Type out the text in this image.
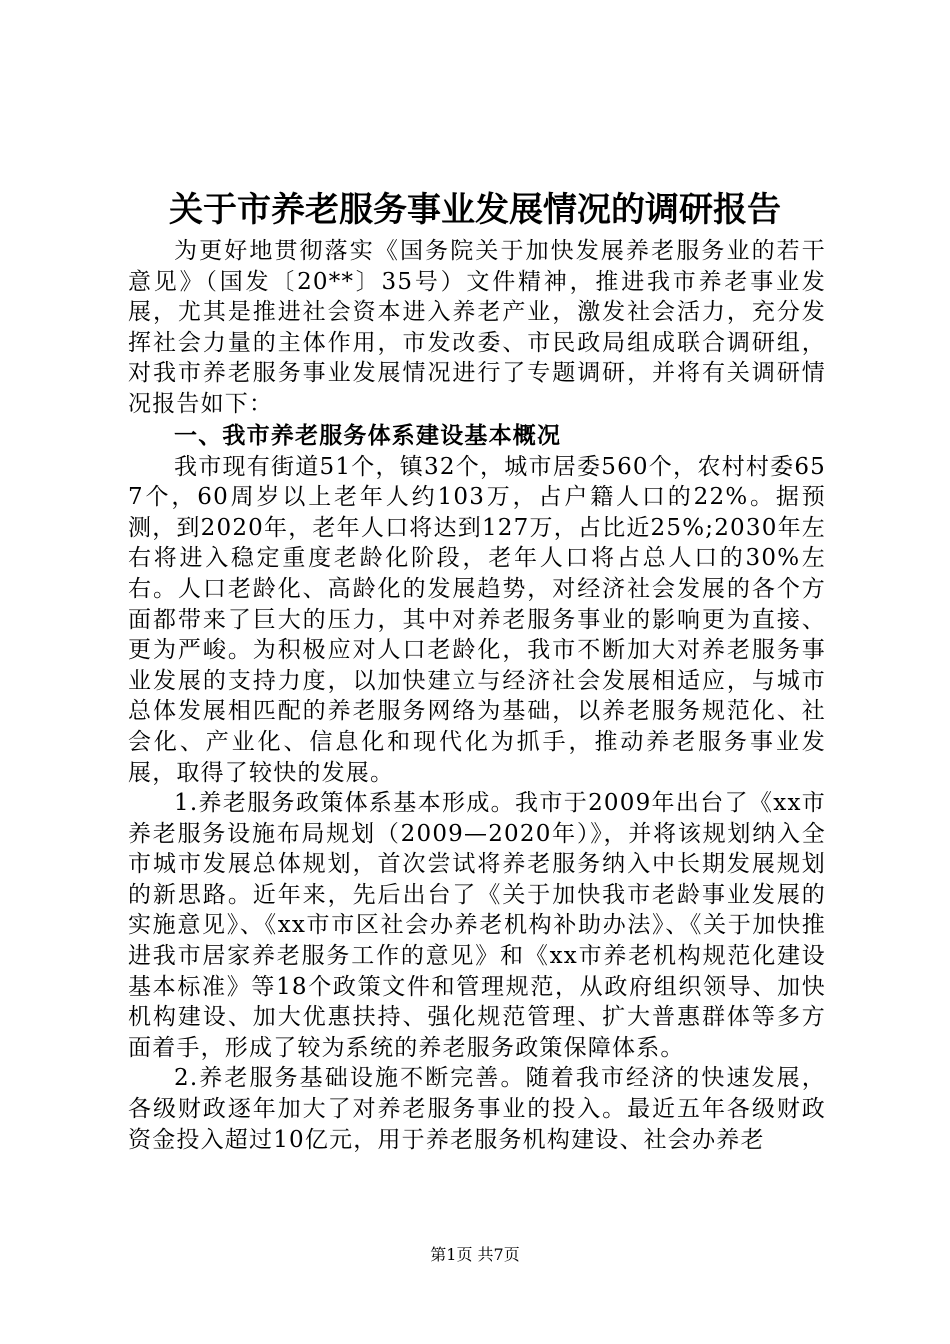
关于市养老服务事业发展情况的调研报告

为更好地贯彻落实《国务院关于加快发展养老服务业的若干意见》（国发〔20**〕35号）文件精神，推进我市养老事业发展，尤其是推进社会资本进入养老产业，激发社会活力，充分发挥社会力量的主体作用，市发改委、市民政局组成联合调研组，对我市养老服务事业发展情况进行了专题调研，并将有关调研情况报告如下：

一、我市养老服务体系建设基本概况

我市现有街道51个，镇32个，城市居委560个，农村村委657个，60周岁以上老年人约103万，占户籍人口的22%。据预测，到2020年，老年人口将达到127万，占比近25%;2030年左右将进入稳定重度老龄化阶段，老年人口将占总人口的30%左右。人口老龄化、高龄化的发展趋势，对经济社会发展的各个方面都带来了巨大的压力，其中对养老服务事业的影响更为直接、更为严峻。为积极应对人口老龄化，我市不断加大对养老服务事业发展的支持力度，以加快建立与经济社会发展相适应，与城市总体发展相匹配的养老服务网络为基础，以养老服务规范化、社会化、产业化、信息化和现代化为抓手，推动养老服务事业发展，取得了较快的发展。

1.养老服务政策体系基本形成。我市于2009年出台了《xx市养老服务设施布局规划（2009—2020年）》，并将该规划纳入全市城市发展总体规划，首次尝试将养老服务纳入中长期发展规划的新思路。近年来，先后出台了《关于加快我市老龄事业发展的实施意见》、《xx市市区社会办养老机构补助办法》、《关于加快推进我市居家养老服务工作的意见》和《xx市养老机构规范化建设基本标准》等18个政策文件和管理规范，从政府组织领导、加快机构建设、加大优惠扶持、强化规范管理、扩大普惠群体等多方面着手，形成了较为系统的养老服务政策保障体系。

2.养老服务基础设施不断完善。随着我市经济的快速发展，各级财政逐年加大了对养老服务事业的投入。最近五年各级财政资金投入超过10亿元，用于养老服务机构建设、社会办养老

第1页 共7页
